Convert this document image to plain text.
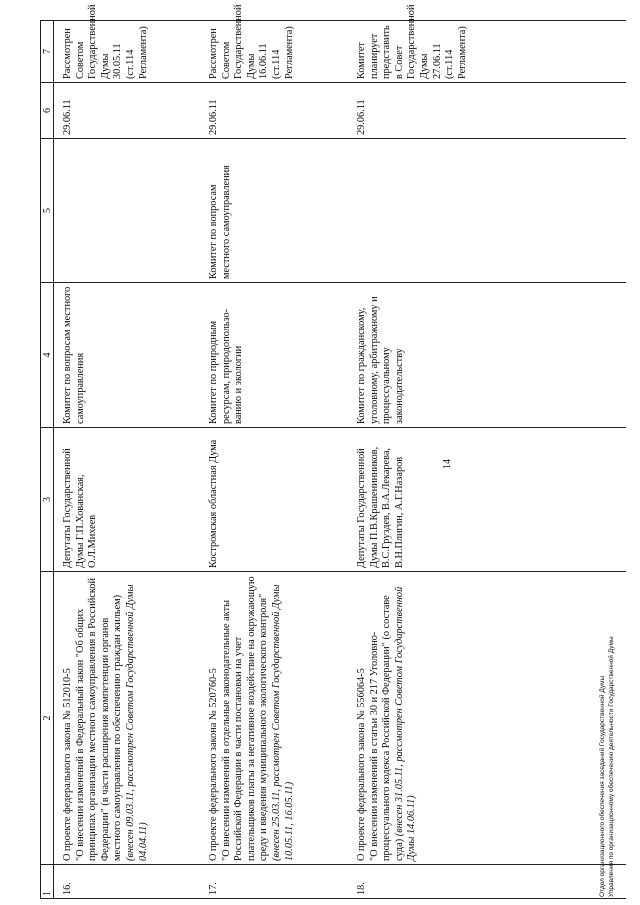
14
1	2	3	4	5	6	7
16.	О проекте федерального закона № 512010-5 "О внесении изменений в Федеральный закон "Об общих принципах организации местного самоуправления в Российской Федерации" (в части расширения компетенции органов местного самоуправления по обеспечению граждан жильем) (внесен 09.03.11, рассмотрен Советом Государственной Думы 04.04.11)	Депутаты Государственной Думы Г.П.Хованская, О.Л.Михеев	Комитет по вопросам местного самоуправления		29.06.11	Рассмотрен Советом Государственной Думы 30.05.11 (ст.114 Регламента)
17.	О проекте федерального закона № 520760-5 "О внесении изменений в отдельные законодательные акты Российской Федерации в части постановки на учет плательщиков платы за негативное воздействие на окружающую среду и введения муниципального экологического контроля" (внесен 25.03.11, рассмотрен Советом Государственной Думы 10.05.11, 16.05.11)	Костромская областная Дума	Комитет по природным ресурсам, природопользо-ванию и экологии	Комитет по вопросам местного самоуправления	29.06.11	Рассмотрен Советом Государственной Думы 16.06.11 (ст.114 Регламента)
18.	О проекте федерального закона № 556064-5 "О внесении изменений в статьи 30 и 217 Уголовно-процессуального кодекса Российской Федерации" (о составе суда) (внесен 31.05.11, рассмотрен Советом Государственной Думы 14.06.11)	Депутаты Государственной Думы П.В.Крашенинников, В.С.Груздев, В.А.Лекарева, В.Н.Плигин, А.Г.Назаров	Комитет по гражданскому, уголовному, арбитражному и процессуальному законодательству		29.06.11	Комитет планирует представить в Совет Государственной Думы 27.06.11 (ст.114 Регламента)

Отдел организационного обеспечения заседаний Государственной Думы Управления по организационному обеспечению деятельности Государственной Думы
